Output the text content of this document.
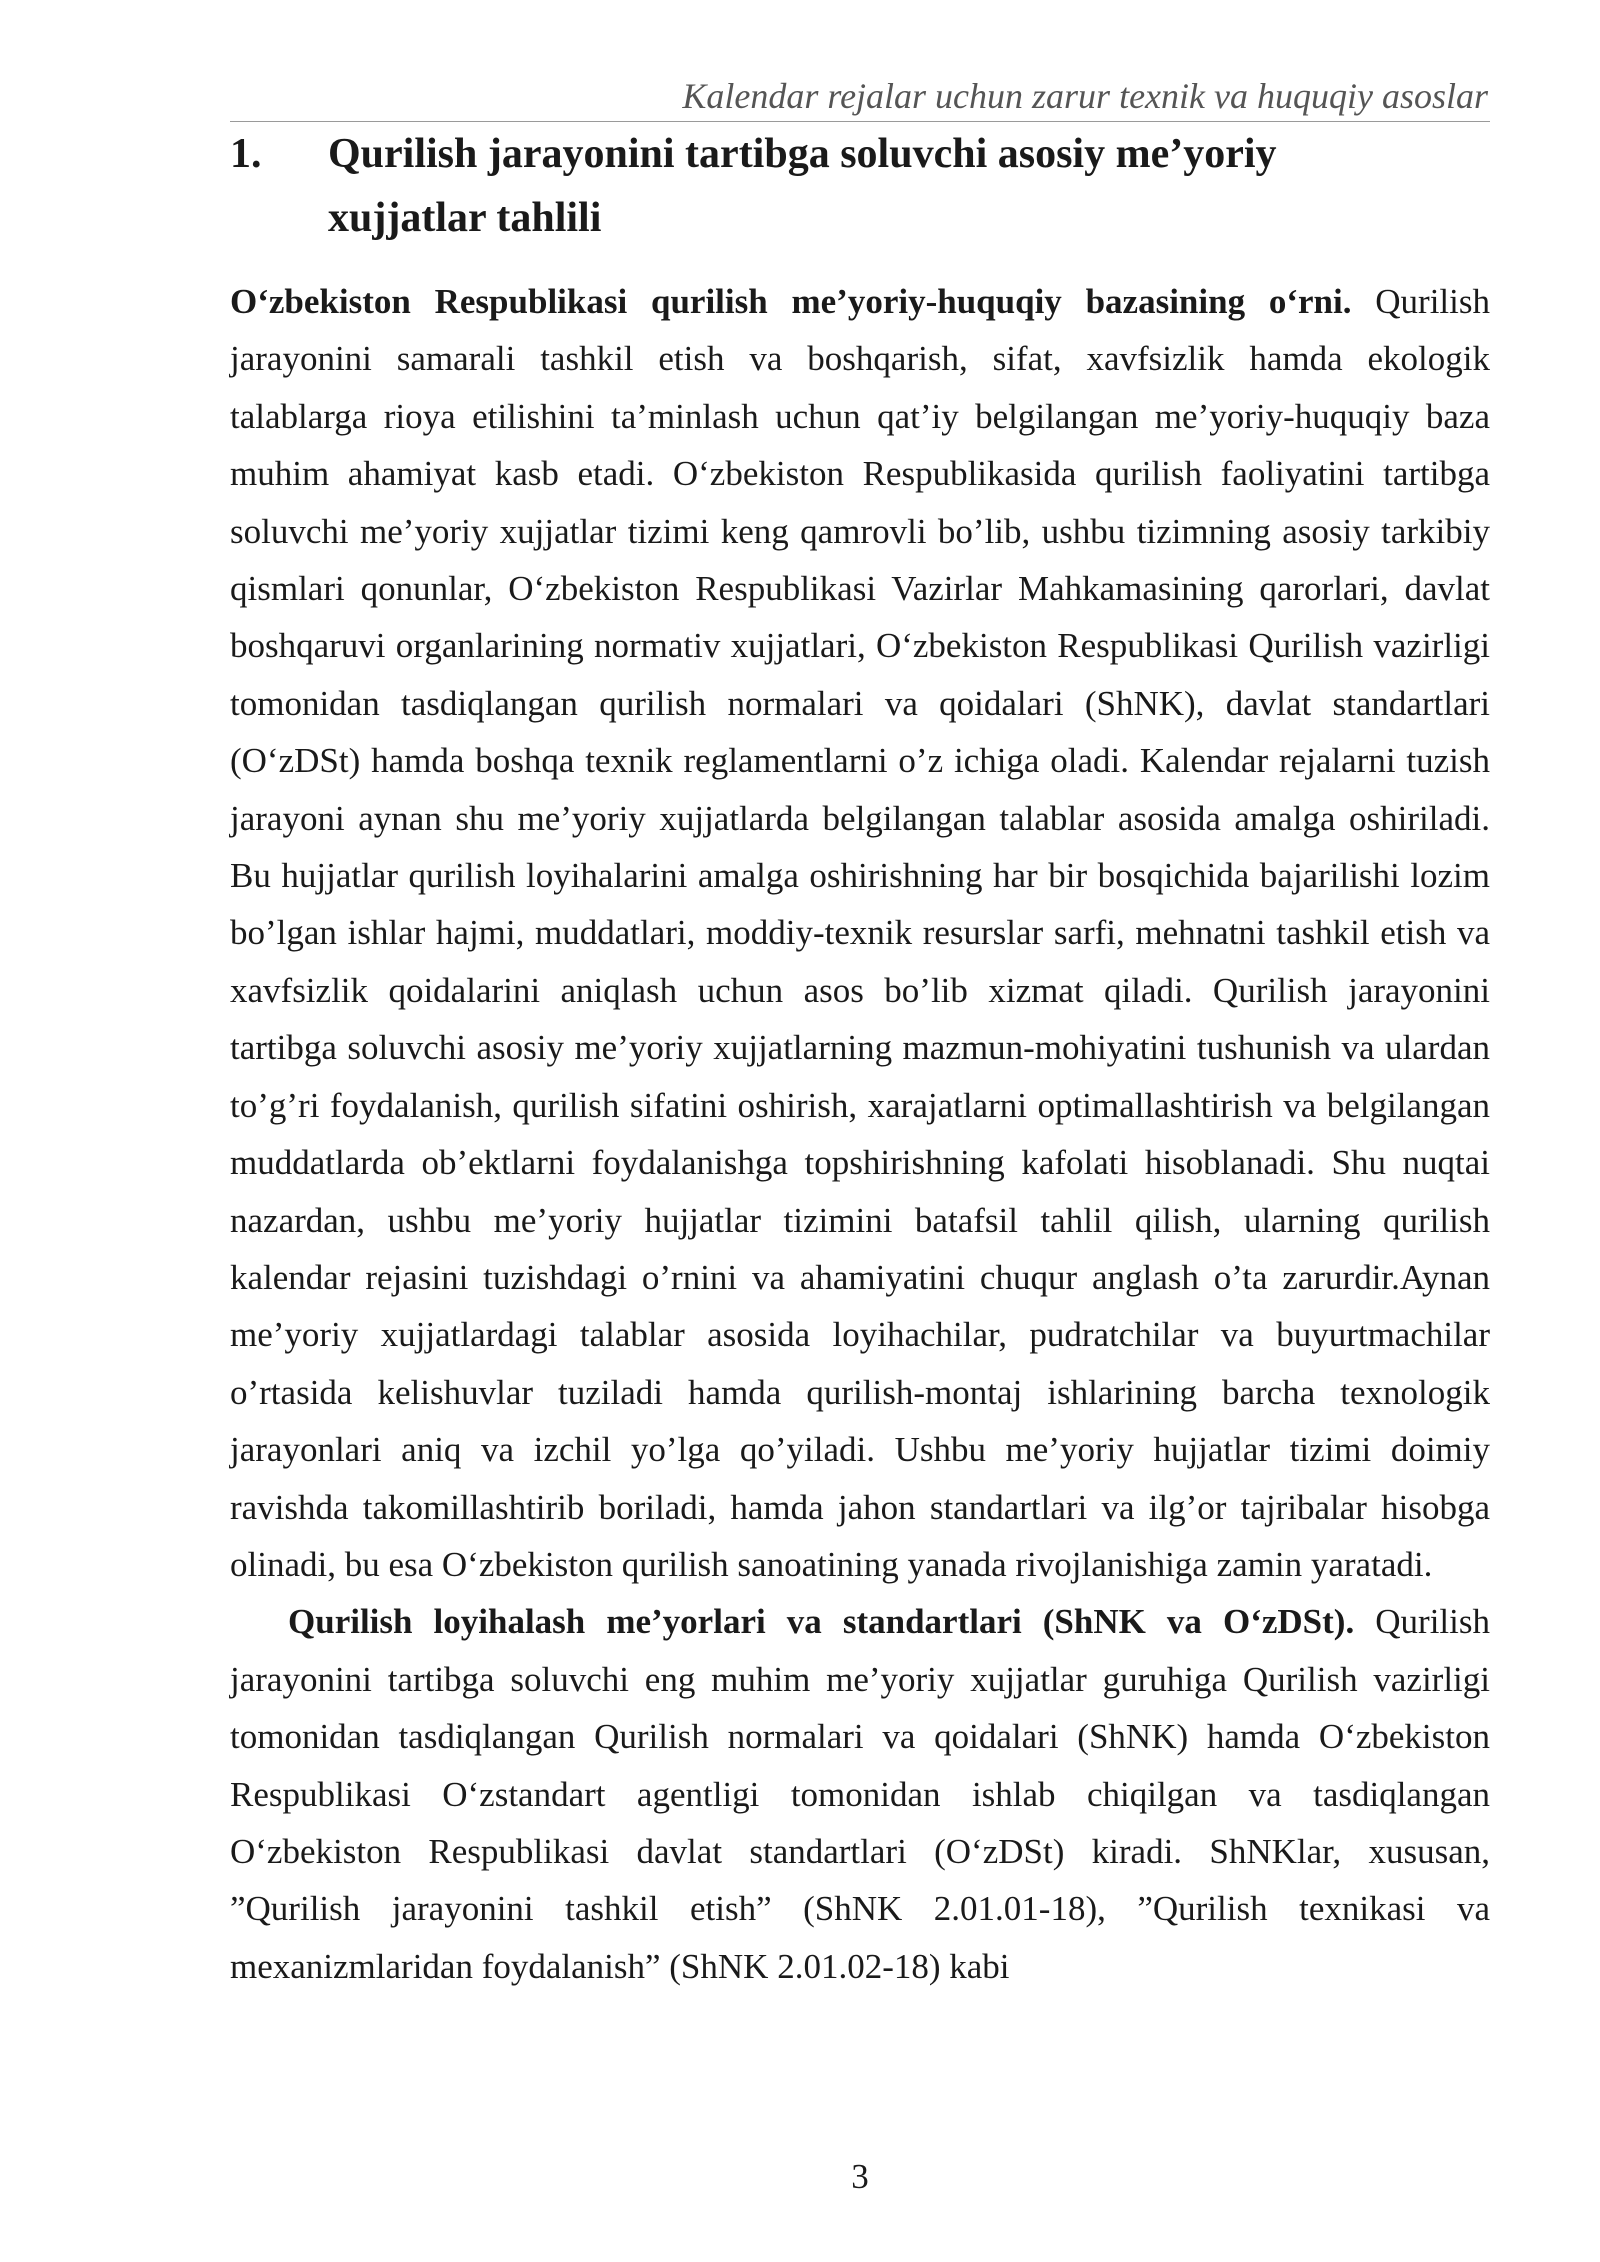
Kalendar rejalar uchun zarur texnik va huquqiy asoslar
1. Qurilish jarayonini tartibga soluvchi asosiy me’yoriy xujjatlar tahlili

O‘zbekiston Respublikasi qurilish me’yoriy-huquqiy bazasining o‘rni. Qurilish jarayonini samarali tashkil etish va boshqarish, sifat, xavfsizlik hamda ekologik talablarga rioya etilishini ta’minlash uchun qat’iy belgilangan me’yoriy-huquqiy baza muhim ahamiyat kasb etadi. O‘zbekiston Respublikasida qurilish faoliyatini tartibga soluvchi me’yoriy xujjatlar tizimi keng qamrovli bo’lib, ushbu tizimning asosiy tarkibiy qismlari qonunlar, O‘zbekiston Respublikasi Vazirlar Mahkamasining qarorlari, davlat boshqaruvi organlarining normativ xujjatlari, O‘zbekiston Respublikasi Qurilish vazirligi tomonidan tasdiqlangan qurilish normalari va qoidalari (ShNK), davlat standartlari (O‘zDSt) hamda boshqa texnik reglamentlarni o’z ichiga oladi. Kalendar rejalarni tuzish jarayoni aynan shu me’yoriy xujjatlarda belgilangan talablar asosida amalga oshiriladi. Bu hujjatlar qurilish loyihalarini amalga oshirishning har bir bosqichida bajarilishi lozim bo’lgan ishlar hajmi, muddatlari, moddiy-texnik resurslar sarfi, mehnatni tashkil etish va xavfsizlik qoidalarini aniqlash uchun asos bo’lib xizmat qiladi. Qurilish jarayonini tartibga soluvchi asosiy me’yoriy xujjatlarning mazmun-mohiyatini tushunish va ulardan to’g’ri foydalanish, qurilish sifatini oshirish, xarajatlarni optimallashtirish va belgilangan muddatlarda ob’ektlarni foydalanishga topshirishning kafolati hisoblanadi. Shu nuqtai nazardan, ushbu me’yoriy hujjatlar tizimini batafsil tahlil qilish, ularning qurilish kalendar rejasini tuzishdagi o’rnini va ahamiyatini chuqur anglash o’ta zarurdir.Aynan me’yoriy xujjatlardagi talablar asosida loyihachilar, pudratchilar va buyurtmachilar o’rtasida kelishuvlar tuziladi hamda qurilish-montaj ishlarining barcha texnologik jarayonlari aniq va izchil yo’lga qo’yiladi. Ushbu me’yoriy hujjatlar tizimi doimiy ravishda takomillashtirib boriladi, hamda jahon standartlari va ilg’or tajribalar hisobga olinadi, bu esa O‘zbekiston qurilish sanoatining yanada rivojlanishiga zamin yaratadi.

Qurilish loyihalash me’yorlari va standartlari (ShNK va O‘zDSt). Qurilish jarayonini tartibga soluvchi eng muhim me’yoriy xujjatlar guruhiga Qurilish vazirligi tomonidan tasdiqlangan Qurilish normalari va qoidalari (ShNK) hamda O‘zbekiston Respublikasi O‘zstandart agentligi tomonidan ishlab chiqilgan va tasdiqlangan O‘zbekiston Respublikasi davlat standartlari (O‘zDSt) kiradi. ShNKlar, xususan, ”Qurilish jarayonini tashkil etish” (ShNK 2.01.01-18), ”Qurilish texnikasi va mexanizmlaridan foydalanish” (ShNK 2.01.02-18) kabi

3
